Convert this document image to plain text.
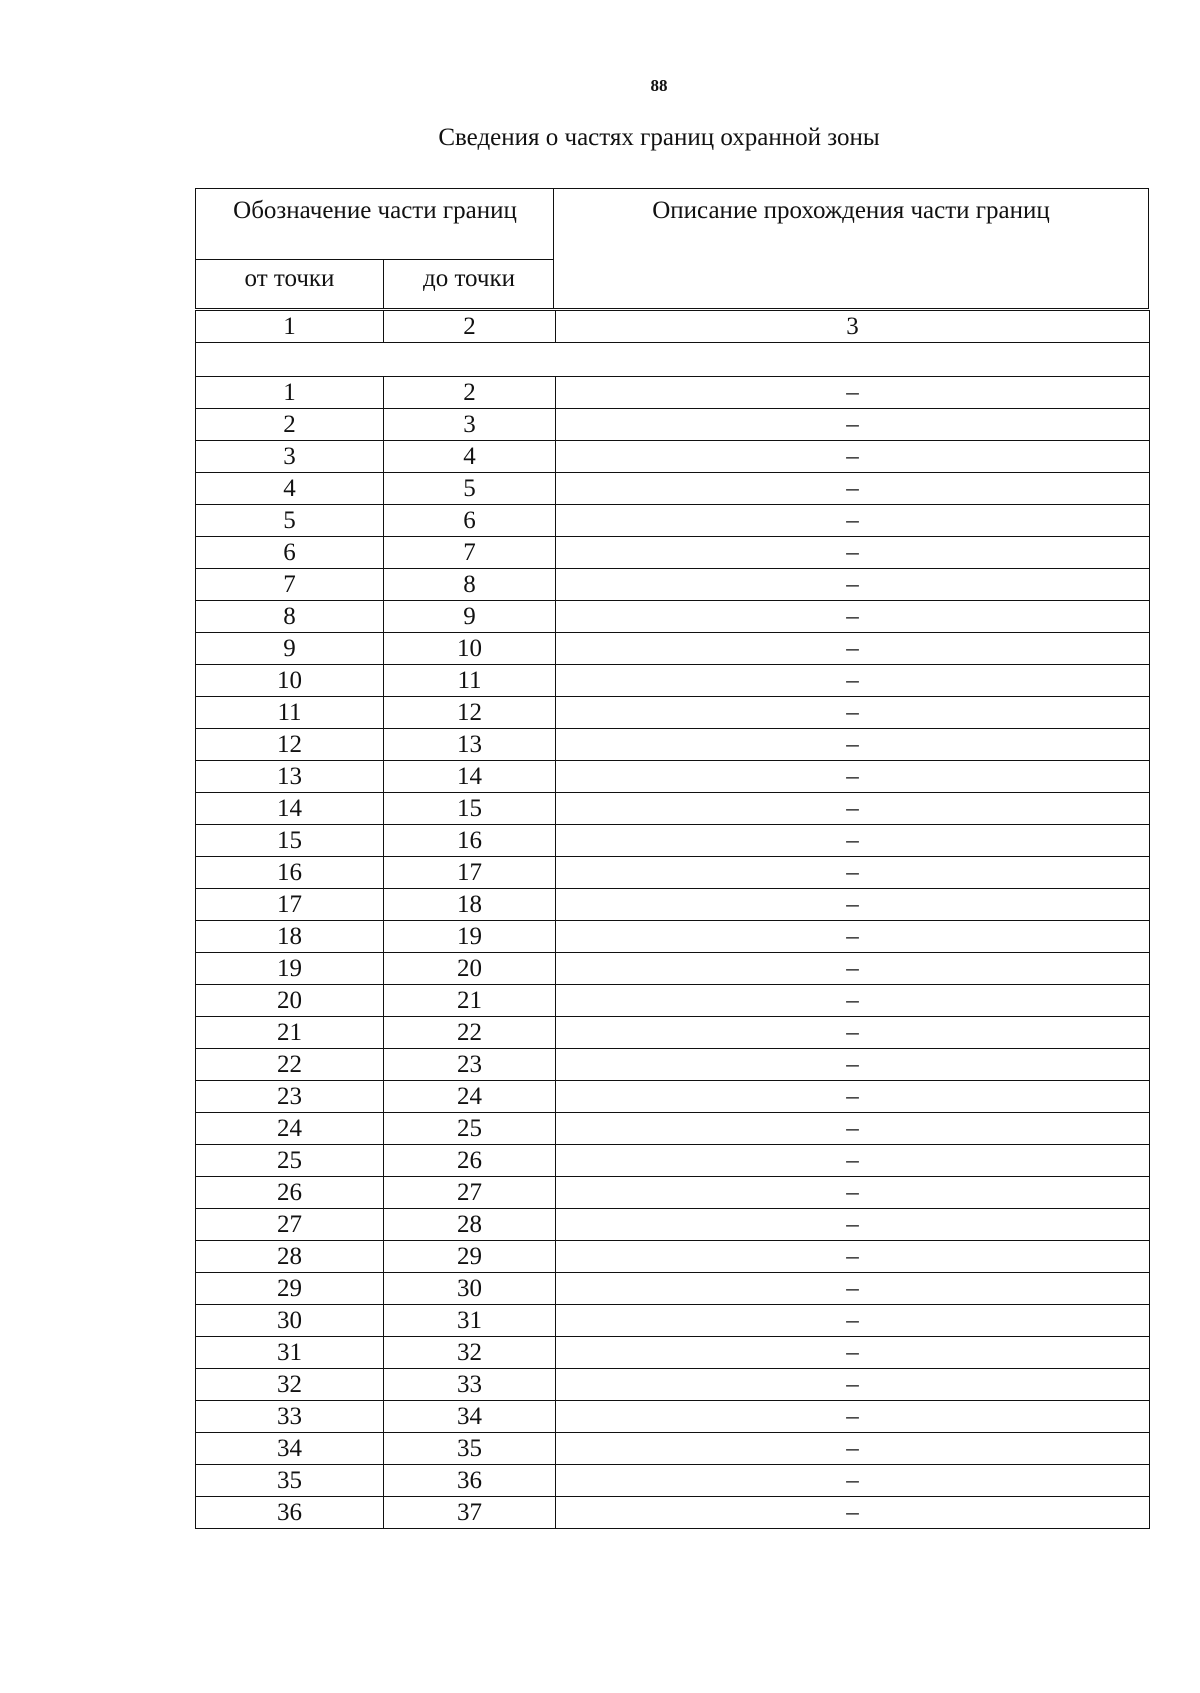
88
Сведения о частях границ охранной зоны
Обозначение части границ
от точки	до точки
Описание прохождения части границ
1	2	3

1	2	–
2	3	–
3	4	–
4	5	–
5	6	–
6	7	–
7	8	–
8	9	–
9	10	–
10	11	–
11	12	–
12	13	–
13	14	–
14	15	–
15	16	–
16	17	–
17	18	–
18	19	–
19	20	–
20	21	–
21	22	–
22	23	–
23	24	–
24	25	–
25	26	–
26	27	–
27	28	–
28	29	–
29	30	–
30	31	–
31	32	–
32	33	–
33	34	–
34	35	–
35	36	–
36	37	–
